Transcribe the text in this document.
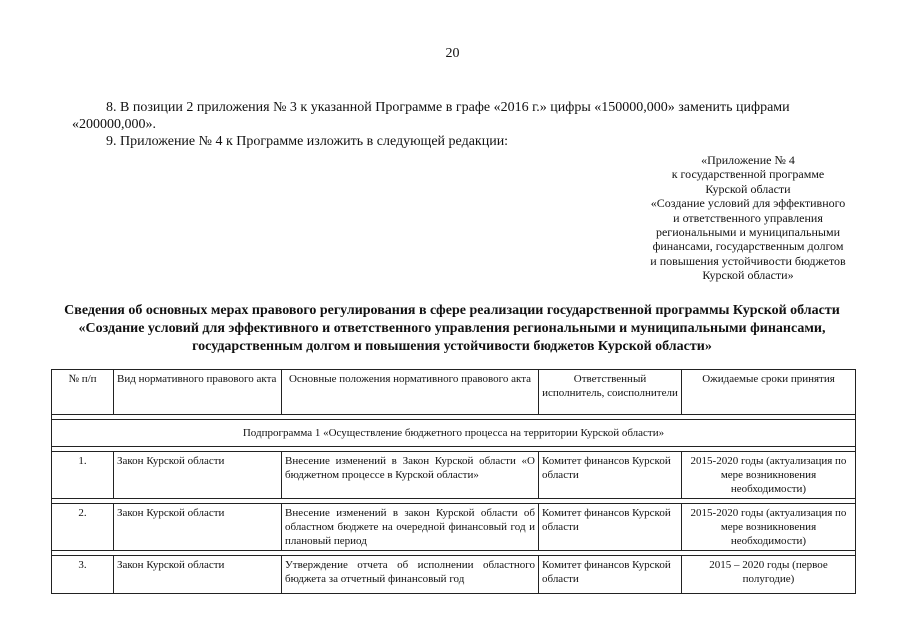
20
8. В позиции 2 приложения № 3 к указанной Программе в графе «2016 г.» цифры «150000,000» заменить цифрами «200000,000».
9. Приложение № 4 к Программе изложить в следующей редакции:
«Приложение № 4
к государственной программе
Курской области
«Создание условий для эффективного
и ответственного управления
региональными и муниципальными
финансами, государственным долгом
и повышения устойчивости бюджетов
Курской области»
Сведения об основных мерах правового регулирования в сфере реализации государственной программы Курской области «Создание условий для эффективного и ответственного управления региональными и муниципальными финансами, государственным долгом и повышения устойчивости бюджетов Курской области»
№ п/п	Вид нормативного правового акта	Основные положения нормативного правового акта	Ответственный исполнитель, соисполнители	Ожидаемые сроки принятия

Подпрограмма 1 «Осуществление бюджетного процесса на территории Курской области»				

1.	Закон Курской области	Внесение изменений в Закон Курской области «О бюджетном процессе в Курской области»	Комитет финансов Курской области	2015-2020 годы (актуализация по мере возникновения необходимости)

2.	Закон Курской области	Внесение изменений в закон Курской области об областном бюджете на очередной финансовый год и плановый период	Комитет финансов Курской области	2015-2020 годы (актуализация по мере возникновения необходимости)

3.	Закон Курской области	Утверждение отчета об исполнении областного бюджета за отчетный финансовый год	Комитет финансов Курской области	2015 – 2020 годы (первое полугодие)
